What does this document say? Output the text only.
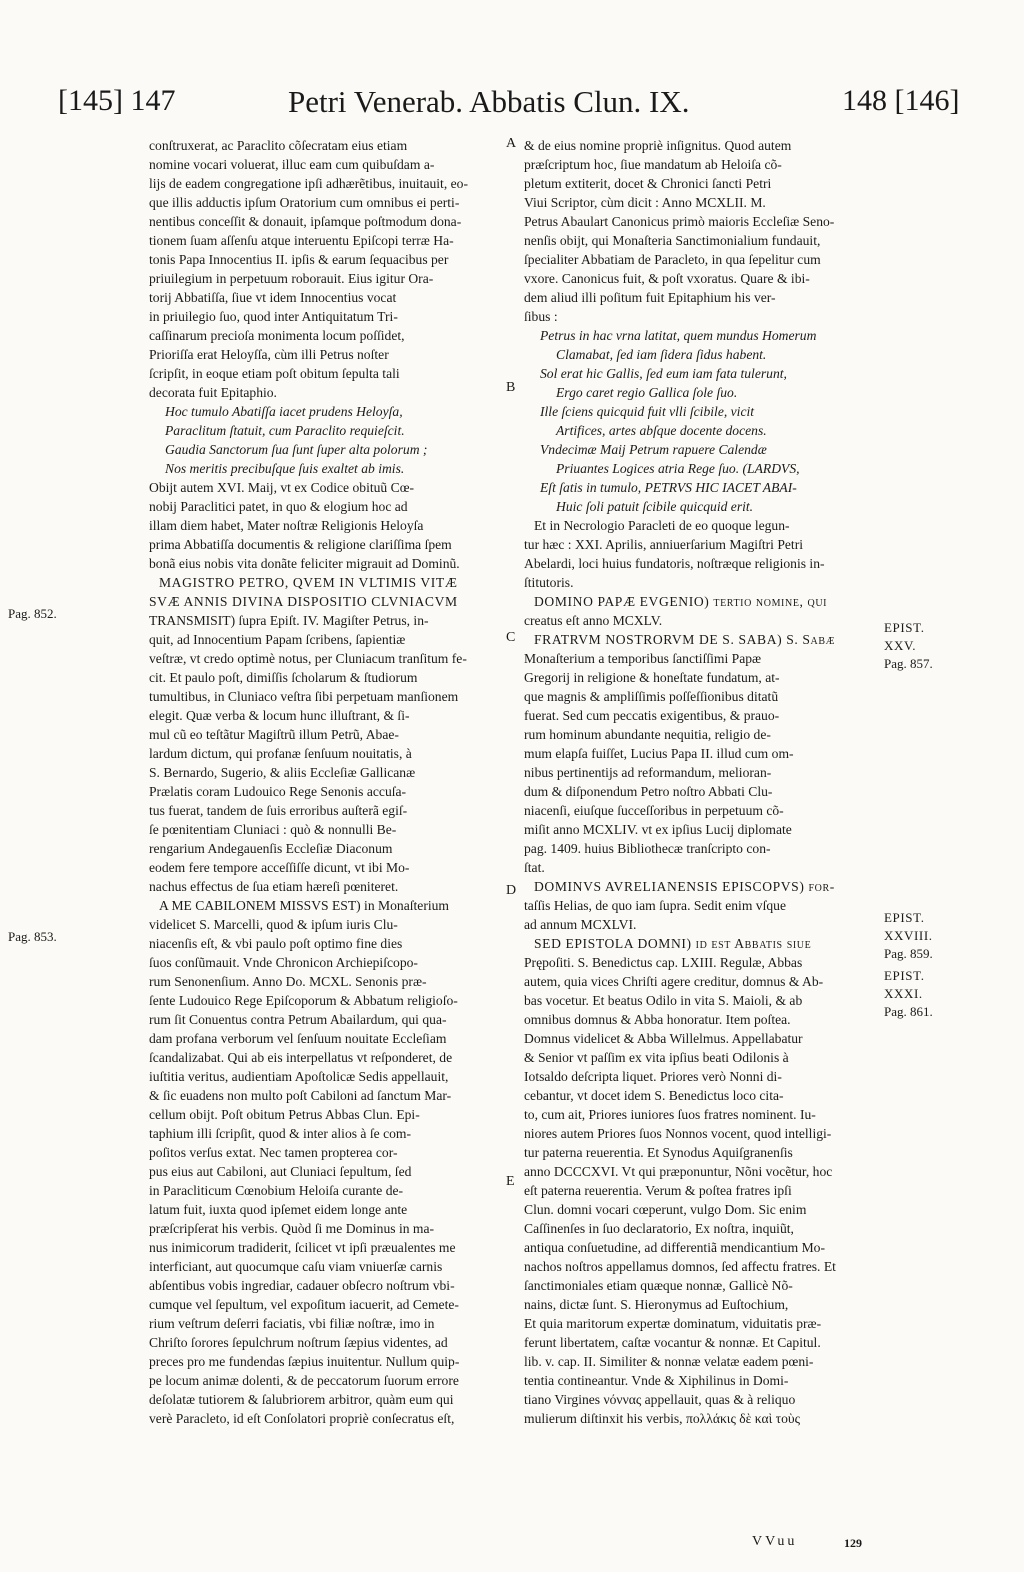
[145] 147	Petri Venerab. Abbatis Clun. IX.	148 [146]
conſtruxerat, ac Paraclito cõſecratam eius etiam
nomine vocari voluerat, illuc eam cum quibuſdam a-
lijs de eadem congregatione ipſi adhærẽtibus, inuitauit, eo-
que illis adductis ipſum Oratorium cum omnibus ei perti-
nentibus conceſſit & donauit, ipſamque poſtmodum dona-
tionem ſuam aſſenſu atque interuentu Epiſcopi terræ Ha-
tonis Papa Innocentius II. ipſis & earum ſequacibus per
priuilegium in perpetuum roborauit. Eius igitur Ora-
torij Abbatiſſa, ſiue vt idem Innocentius vocat
in priuilegio ſuo, quod inter Antiquitatum Tri-
caſſinarum precioſa monimenta locum poſſidet,
Prioriſſa erat Heloyſſa, cùm illi Petrus noſter
ſcripſit, in eoque etiam poſt obitum ſepulta tali
decorata fuit Epitaphio.
Hoc tumulo Abatiſſa iacet prudens Heloyſa,
Paraclitum ſtatuit, cum Paraclito requieſcit.
Gaudia Sanctorum ſua ſunt ſuper alta polorum ;
Nos meritis precibuſque ſuis exaltet ab imis.
Obijt autem XVI. Maij, vt ex Codice obituũ Cœ-
nobij Paraclitici patet, in quo & elogium hoc ad
illam diem habet, Mater noſtræ Religionis Heloyſa
prima Abbatiſſa documentis & religione clariſſima ſpem
bonã eius nobis vita donãte feliciter migrauit ad Dominũ.
MAGISTRO PETRO, QVEM IN VLTIMIS VITÆ
SVÆ ANNIS DIVINA DISPOSITIO CLVNIACVM
TRANSMISIT) ſupra Epiſt. IV. Magiſter Petrus, in-
quit, ad Innocentium Papam ſcribens, ſapientiæ
veſtræ, vt credo optimè notus, per Cluniacum tranſitum fe-
cit. Et paulo poſt, dimiſſis ſcholarum & ſtudiorum
tumultibus, in Cluniaco veſtra ſibi perpetuam manſionem
elegit. Quæ verba & locum hunc illuſtrant, & ſi-
mul cũ eo teſtãtur Magiſtrũ illum Petrũ, Abae-
lardum dictum, qui profanæ ſenſuum nouitatis, à
S. Bernardo, Sugerio, & aliis Eccleſiæ Gallicanæ
Prælatis coram Ludouico Rege Senonis accuſa-
tus fuerat, tandem de ſuis erroribus auſterã egiſ-
ſe pœnitentiam Cluniaci : quò & nonnulli Be-
rengarium Andegauenſis Eccleſiæ Diaconum
eodem fere tempore acceſſiſſe dicunt, vt ibi Mo-
nachus effectus de ſua etiam hæreſi pœniteret.
A ME CABILONEM MISSVS EST) in Monaſterium
videlicet S. Marcelli, quod & ipſum iuris Clu-
niacenſis eſt, & vbi paulo poſt optimo fine dies
ſuos conſũmauit. Vnde Chronicon Archiepiſcopo-
rum Senonenſium. Anno Do. MCXL. Senonis præ-
ſente Ludouico Rege Epiſcoporum & Abbatum religioſo-
rum ſit Conuentus contra Petrum Abailardum, qui qua-
dam profana verborum vel ſenſuum nouitate Eccleſiam
ſcandalizabat. Qui ab eis interpellatus vt reſponderet, de
iuſtitia veritus, audientiam Apoſtolicæ Sedis appellauit,
& ſic euadens non multo poſt Cabiloni ad ſanctum Mar-
cellum obijt. Poſt obitum Petrus Abbas Clun. Epi-
taphium illi ſcripſit, quod & inter alios à ſe com-
poſitos verſus extat. Nec tamen propterea cor-
pus eius aut Cabiloni, aut Cluniaci ſepultum, ſed
in Paracliticum Cœnobium Heloiſa curante de-
latum fuit, iuxta quod ipſemet eidem longe ante
præſcripſerat his verbis. Quòd ſi me Dominus in ma-
nus inimicorum tradiderit, ſcilicet vt ipſi præualentes me
interficiant, aut quocumque caſu viam vniuerſæ carnis
abſentibus vobis ingrediar, cadauer obſecro noſtrum vbi-
cumque vel ſepultum, vel expoſitum iacuerit, ad Cemete-
rium veſtrum deſerri faciatis, vbi filiæ noſtræ, imo in
Chriſto ſorores ſepulchrum noſtrum ſæpius videntes, ad
preces pro me fundendas ſæpius inuitentur. Nullum quip-
pe locum animæ dolenti, & de peccatorum ſuorum errore
deſolatæ tutiorem & ſalubriorem arbitror, quàm eum qui
verè Paracleto, id eſt Conſolatori propriè conſecratus eſt,
& de eius nomine propriè inſignitus. Quod autem
præſcriptum hoc, ſiue mandatum ab Heloiſa cõ-
pletum extiterit, docet & Chronici ſancti Petri
Viui Scriptor, cùm dicit : Anno MCXLII. M.
Petrus Abaulart Canonicus primò maioris Eccleſiæ Seno-
nenſis obijt, qui Monaſteria Sanctimonialium fundauit,
ſpecialiter Abbatiam de Paracleto, in qua ſepelitur cum
vxore. Canonicus fuit, & poſt vxoratus. Quare & ibi-
dem aliud illi poſitum fuit Epitaphium his ver-
ſibus :
Petrus in hac vrna latitat, quem mundus Homerum
Clamabat, ſed iam ſidera ſidus habent.
Sol erat hic Gallis, ſed eum iam fata tulerunt,
Ergo caret regio Gallica ſole ſuo.
Ille ſciens quicquid fuit vlli ſcibile, vicit
Artifices, artes abſque docente docens.
Vndecimæ Maij Petrum rapuere Calendæ
Priuantes Logices atria Rege ſuo. (LARDVS,
Eſt ſatis in tumulo, PETRVS HIC IACET ABAI-
Huic ſoli patuit ſcibile quicquid erit.
Et in Necrologio Paracleti de eo quoque legun-
tur hæc : XXI. Aprilis, anniuerſarium Magiſtri Petri
Abelardi, loci huius fundatoris, noſtræque religionis in-
ſtitutoris.
DOMINO PAPÆ EVGENIO) tertio nomine, qui
creatus eſt anno MCXLV.
FRATRVM NOSTRORVM DE S. SABA) S. Sabæ
Monaſterium a temporibus ſanctiſſimi Papæ
Gregorij in religione & honeſtate fundatum, at-
que magnis & ampliſſimis poſſeſſionibus ditatũ
fuerat. Sed cum peccatis exigentibus, & prauo-
rum hominum abundante nequitia, religio de-
mum elapſa fuiſſet, Lucius Papa II. illud cum om-
nibus pertinentijs ad reformandum, melioran-
dum & diſponendum Petro noſtro Abbati Clu-
niacenſi, eiuſque ſucceſſoribus in perpetuum cõ-
miſit anno MCXLIV. vt ex ipſius Lucij diplomate
pag. 1409. huius Bibliothecæ tranſcripto con-
ſtat.
DOMINVS AVRELIANENSIS EPISCOPVS) for-
taſſis Helias, de quo iam ſupra. Sedit enim vſque
ad annum MCXLVI.
SED EPISTOLA DOMNI) id eſt Abbatis ſiue
Prępoſiti. S. Benedictus cap. LXIII. Regulæ, Abbas
autem, quia vices Chriſti agere creditur, domnus & Ab-
bas vocetur. Et beatus Odilo in vita S. Maioli, & ab
omnibus domnus & Abba honoratur. Item poſtea.
Domnus videlicet & Abba Willelmus. Appellabatur
& Senior vt paſſim ex vita ipſius beati Odilonis à
Iotsaldo deſcripta liquet. Priores verò Nonni di-
cebantur, vt docet idem S. Benedictus loco cita-
to, cum ait, Priores iuniores ſuos fratres nominent. Iu-
niores autem Priores ſuos Nonnos vocent, quod intelligi-
tur paterna reuerentia. Et Synodus Aquiſgranenſis
anno DCCCXVI. Vt qui præponuntur, Nõni vocẽtur, hoc
eſt paterna reuerentia. Verum & poſtea fratres ipſi
Clun. domni vocari cœperunt, vulgo Dom. Sic enim
Caſſinenſes in ſuo declaratorio, Ex noſtra, inquiũt,
antiqua conſuetudine, ad differentiã mendicantium Mo-
nachos noſtros appellamus domnos, ſed affectu fratres. Et
ſanctimoniales etiam quæque nonnæ, Gallicè Nõ-
nains, dictæ ſunt. S. Hieronymus ad Euſtochium,
Et quia maritorum expertæ dominatum, viduitatis præ-
ferunt libertatem, caſtæ vocantur & nonnæ. Et Capitul.
lib. v. cap. II. Similiter & nonnæ velatæ eadem pœni-
tentia contineantur. Vnde & Xiphilinus in Domi-
tiano Virgines νόννας appellauit, quas & à reliquo
mulierum diſtinxit his verbis, πολλάκις δὲ καὶ τοὺς
A
B
C
D
E
Pag. 852.
Pag. 853.
EPIST.
XXV.
Pag. 857.
EPIST.
XXVIII.
Pag. 859.
EPIST.
XXXI.
Pag. 861.
VVuu	129
